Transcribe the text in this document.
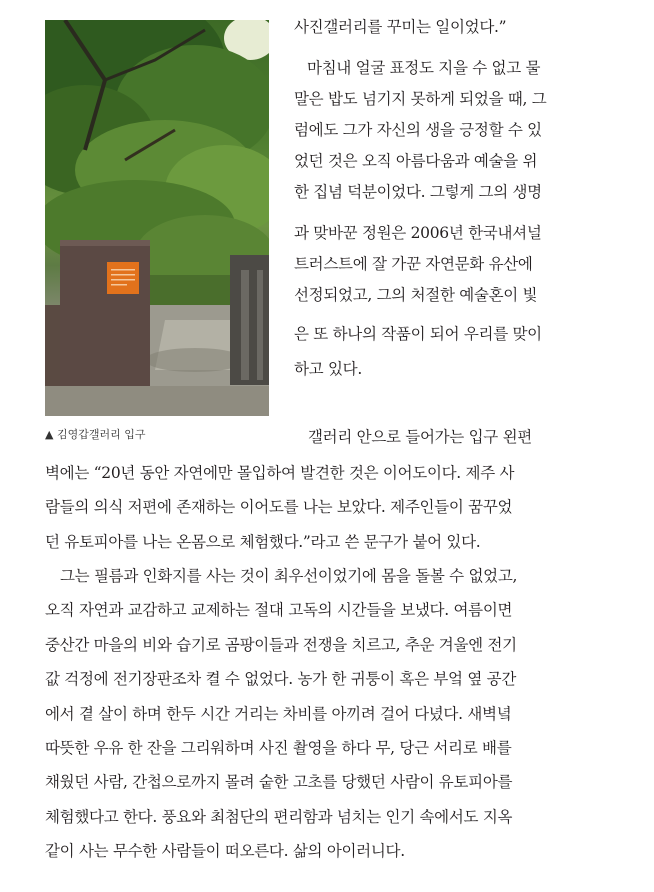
▲ 김영갑갤러리 입구

사진갤러리를 꾸미는 일이었다.”

마침내 얼굴 표정도 지을 수 없고 물

말은 밥도 넘기지 못하게 되었을 때, 그

럼에도 그가 자신의 생을 긍정할 수 있

었던 것은 오직 아름다움과 예술을 위

한 집념 덕분이었다. 그렇게 그의 생명

과 맞바꾼 정원은 2006년 한국내셔널

트러스트에 잘 가꾼 자연문화 유산에

선정되었고, 그의 처절한 예술혼이 빛

은 또 하나의 작품이 되어 우리를 맞이

하고 있다.

갤러리 안으로 들어가는 입구 왼편

벽에는 “20년 동안 자연에만 몰입하여 발견한 것은 이어도이다. 제주 사

람들의 의식 저편에 존재하는 이어도를 나는 보았다. 제주인들이 꿈꾸었

던 유토피아를 나는 온몸으로 체험했다.”라고 쓴 문구가 붙어 있다.

그는 필름과 인화지를 사는 것이 최우선이었기에 몸을 돌볼 수 없었고,

오직 자연과 교감하고 교제하는 절대 고독의 시간들을 보냈다. 여름이면

중산간 마을의 비와 습기로 곰팡이들과 전쟁을 치르고, 추운 겨울엔 전기

값 걱정에 전기장판조차 켤 수 없었다. 농가 한 귀퉁이 혹은 부엌 옆 공간

에서 곁 살이 하며 한두 시간 거리는 차비를 아끼려 걸어 다녔다. 새벽녘

따뜻한 우유 한 잔을 그리워하며 사진 촬영을 하다 무, 당근 서리로 배를

채웠던 사람, 간첩으로까지 몰려 숱한 고초를 당했던 사람이 유토피아를

체험했다고 한다. 풍요와 최첨단의 편리함과 넘치는 인기 속에서도 지옥

같이 사는 무수한 사람들이 떠오른다. 삶의 아이러니다.
